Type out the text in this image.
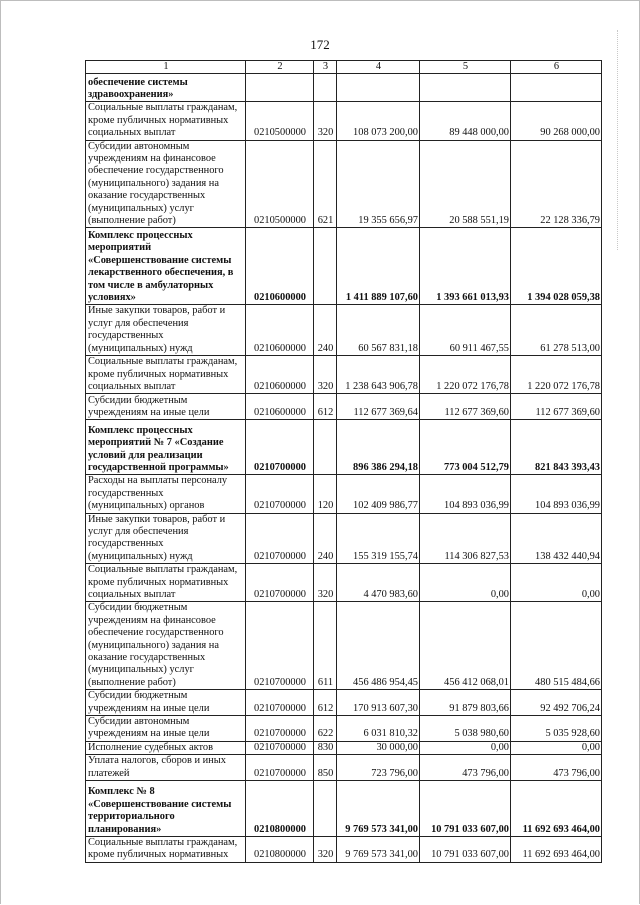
172
1	2	3	4	5	6
обеспечение системы здравоохранения»					
Социальные выплаты гражданам, кроме публичных нормативных социальных выплат	0210500000	320	108 073 200,00	89 448 000,00	90 268 000,00
Субсидии автономным учреждениям на финансовое обеспечение государственного (муниципального) задания на оказание государственных (муниципальных) услуг (выполнение работ)	0210500000	621	19 355 656,97	20 588 551,19	22 128 336,79
Комплекс процессных мероприятий «Совершенствование системы лекарственного обеспечения, в том числе в амбулаторных условиях»	0210600000		1 411 889 107,60	1 393 661 013,93	1 394 028 059,38
Иные закупки товаров, работ и услуг для обеспечения государственных (муниципальных) нужд	0210600000	240	60 567 831,18	60 911 467,55	61 278 513,00
Социальные выплаты гражданам, кроме публичных нормативных социальных выплат	0210600000	320	1 238 643 906,78	1 220 072 176,78	1 220 072 176,78
Субсидии бюджетным учреждениям на иные цели	0210600000	612	112 677 369,64	112 677 369,60	112 677 369,60
Комплекс процессных мероприятий № 7 «Создание условий для реализации государственной программы»	0210700000		896 386 294,18	773 004 512,79	821 843 393,43
Расходы на выплаты персоналу государственных (муниципальных) органов	0210700000	120	102 409 986,77	104 893 036,99	104 893 036,99
Иные закупки товаров, работ и услуг для обеспечения государственных (муниципальных) нужд	0210700000	240	155 319 155,74	114 306 827,53	138 432 440,94
Социальные выплаты гражданам, кроме публичных нормативных социальных выплат	0210700000	320	4 470 983,60	0,00	0,00
Субсидии бюджетным учреждениям на финансовое обеспечение государственного (муниципального) задания на оказание государственных (муниципальных) услуг (выполнение работ)	0210700000	611	456 486 954,45	456 412 068,01	480 515 484,66
Субсидии бюджетным учреждениям на иные цели	0210700000	612	170 913 607,30	91 879 803,66	92 492 706,24
Субсидии автономным учреждениям на иные цели	0210700000	622	6 031 810,32	5 038 980,60	5 035 928,60
Исполнение судебных актов	0210700000	830	30 000,00	0,00	0,00
Уплата налогов, сборов и иных платежей	0210700000	850	723 796,00	473 796,00	473 796,00
Комплекс № 8 «Совершенствование системы территориального планирования»	0210800000		9 769 573 341,00	10 791 033 607,00	11 692 693 464,00
Социальные выплаты гражданам, кроме публичных нормативных	0210800000	320	9 769 573 341,00	10 791 033 607,00	11 692 693 464,00
